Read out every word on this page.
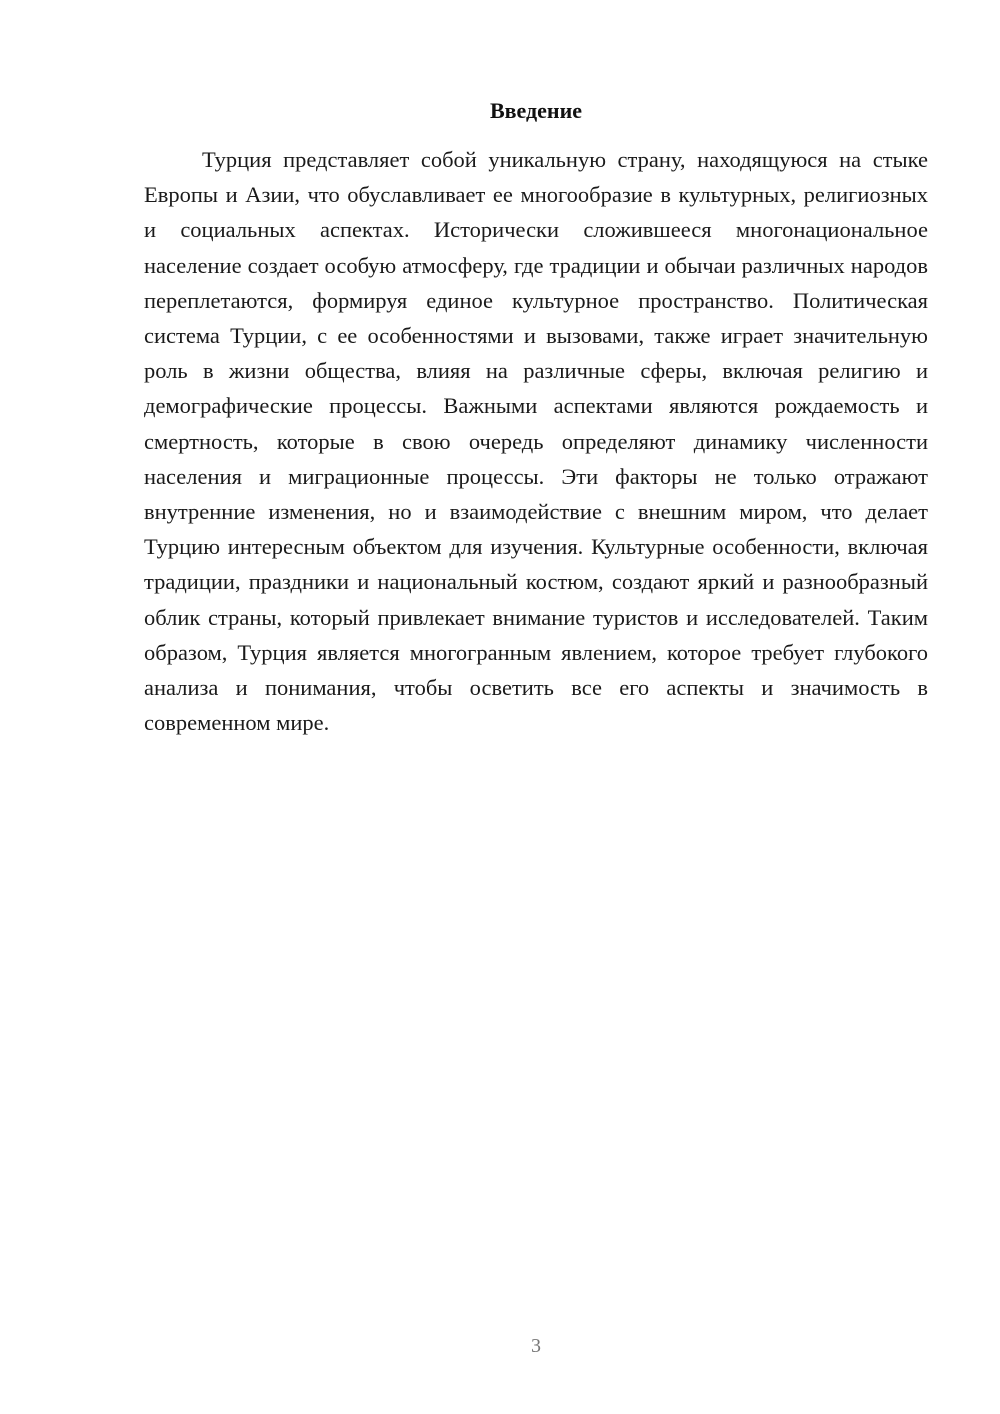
Введение

Турция представляет собой уникальную страну, находящуюся на стыке Европы и Азии, что обуславливает ее многообразие в культурных, религиозных и социальных аспектах. Исторически сложившееся многонациональное население создает особую атмосферу, где традиции и обычаи различных народов переплетаются, формируя единое культурное пространство. Политическая система Турции, с ее особенностями и вызовами, также играет значительную роль в жизни общества, влияя на различные сферы, включая религию и демографические процессы. Важными аспектами являются рождаемость и смертность, которые в свою очередь определяют динамику численности населения и миграционные процессы. Эти факторы не только отражают внутренние изменения, но и взаимодействие с внешним миром, что делает Турцию интересным объектом для изучения. Культурные особенности, включая традиции, праздники и национальный костюм, создают яркий и разнообразный облик страны, который привлекает внимание туристов и исследователей. Таким образом, Турция является многогранным явлением, которое требует глубокого анализа и понимания, чтобы осветить все его аспекты и значимость в современном мире.

3
